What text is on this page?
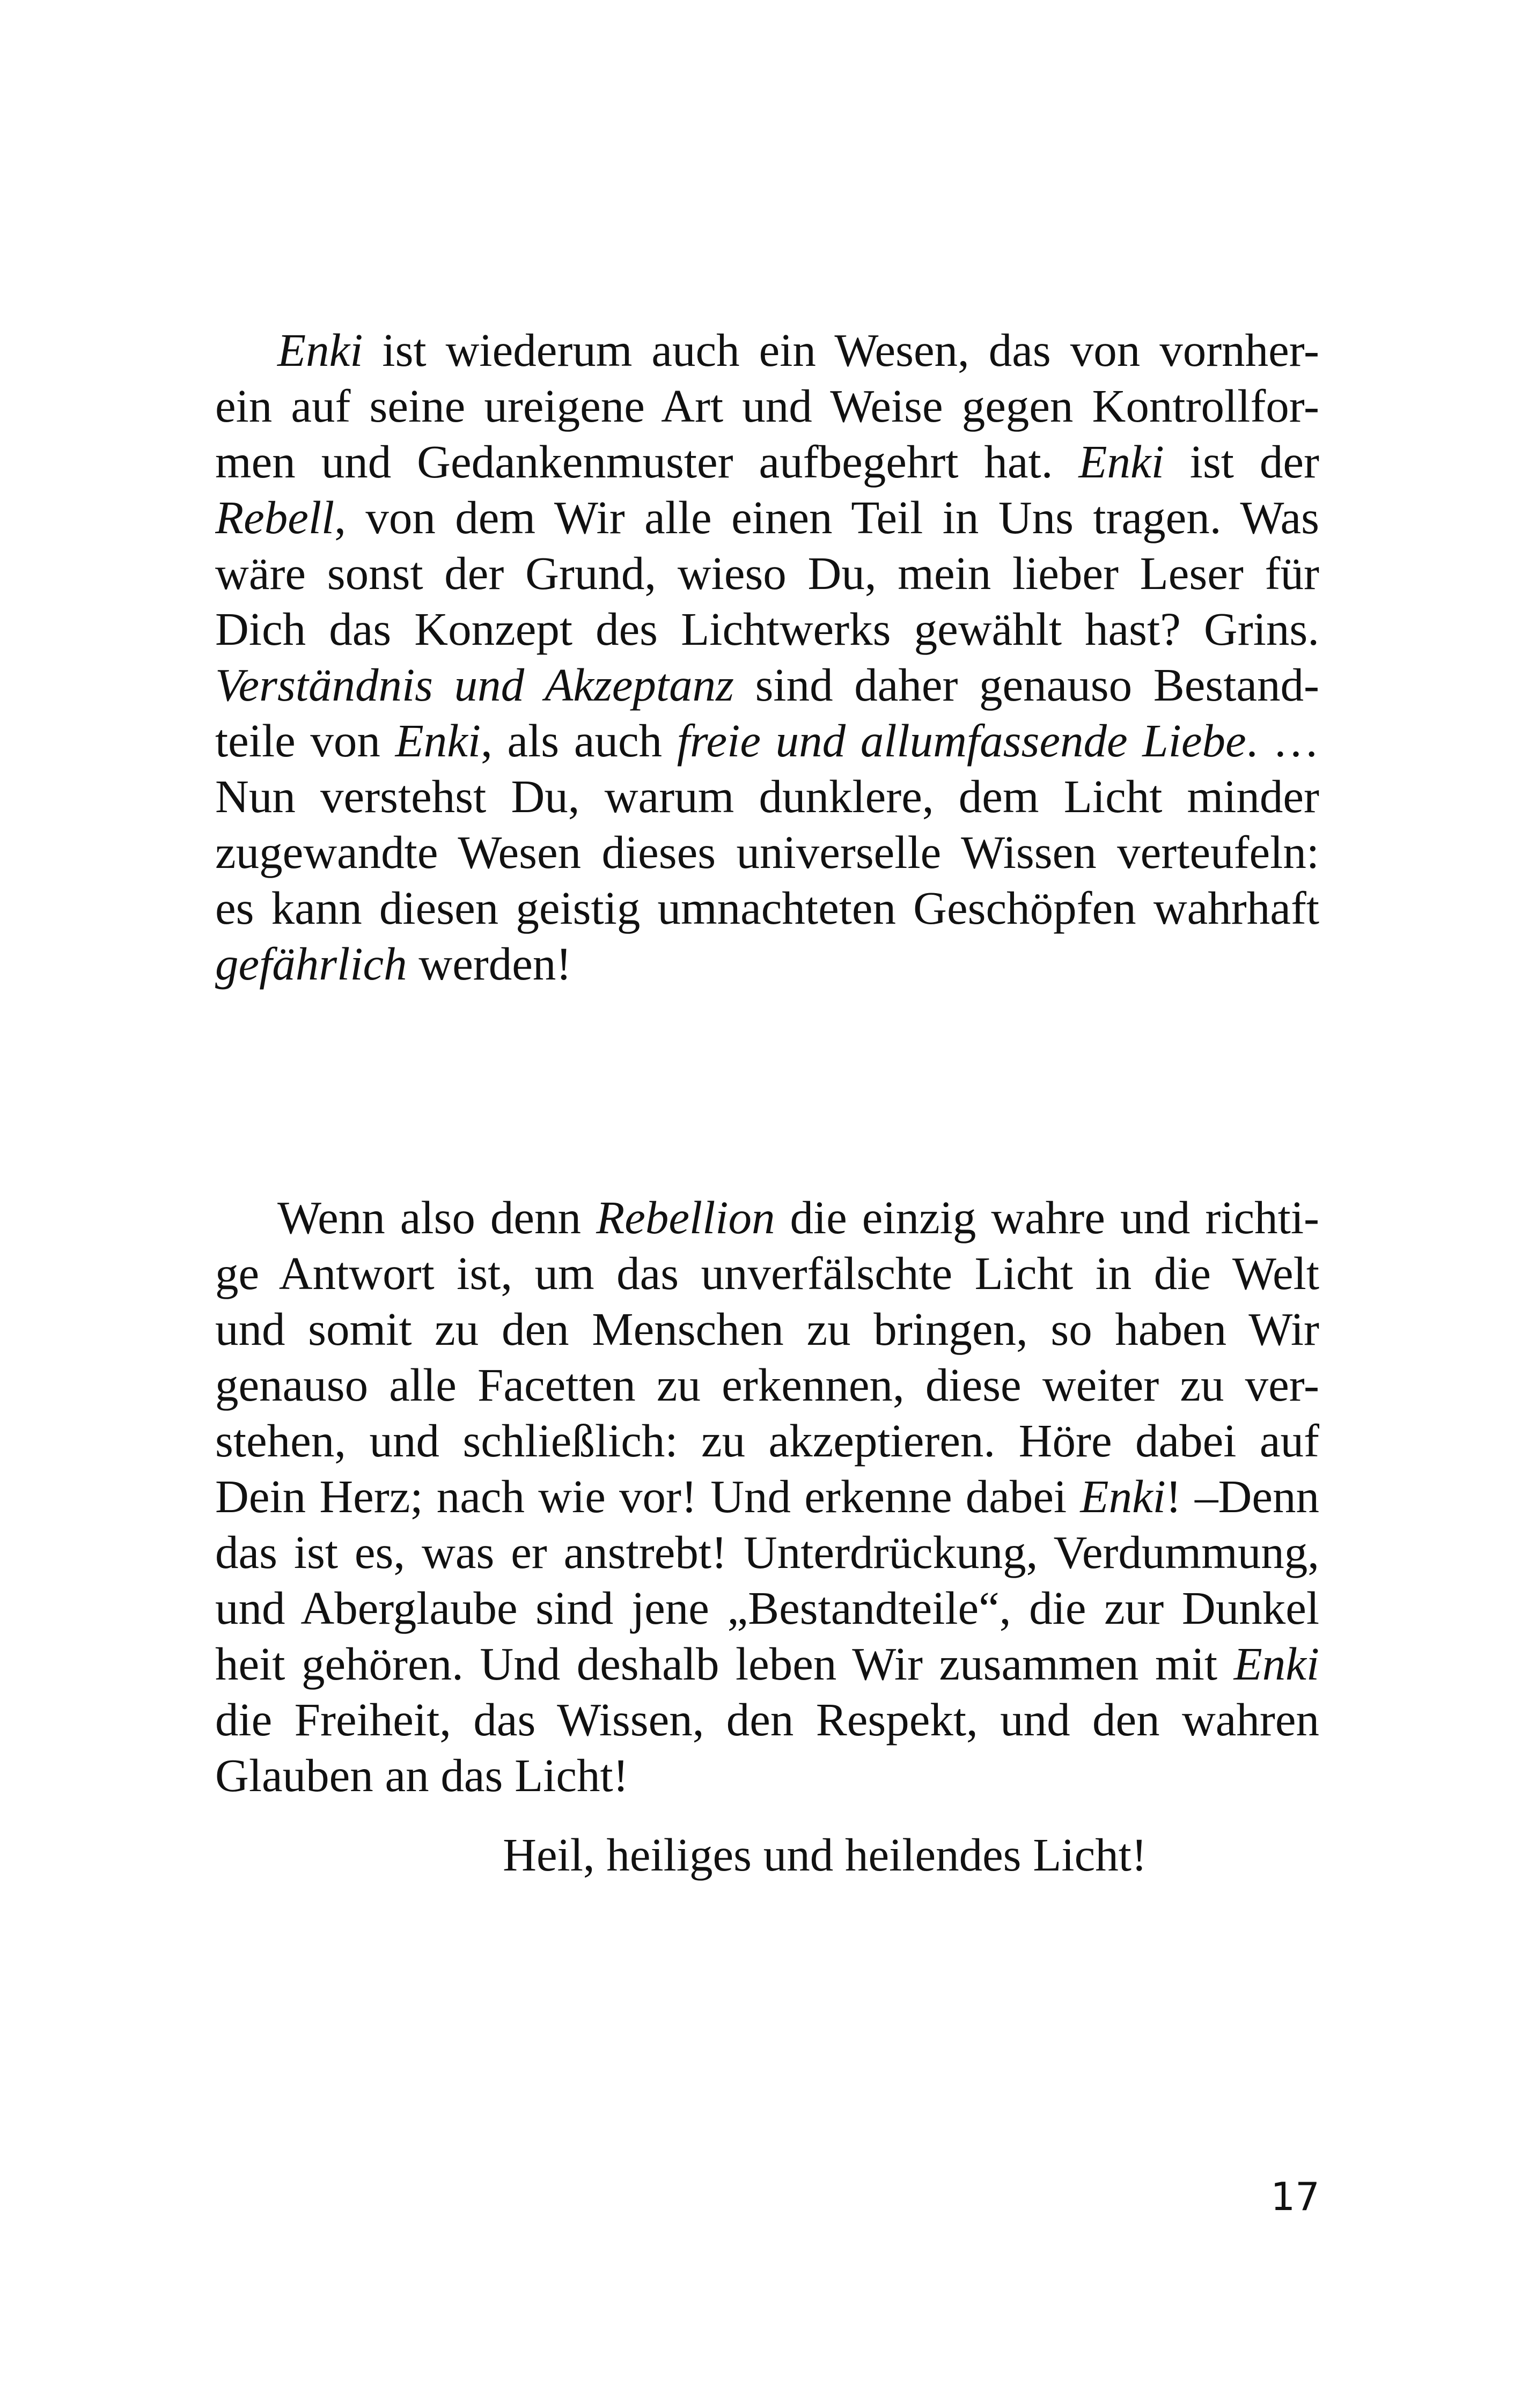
Enki ist wiederum auch ein Wesen, das von vornher-
ein auf seine ureigene Art und Weise gegen Kontrollfor-
men und Gedankenmuster aufbegehrt hat. Enki ist der
Rebell, von dem Wir alle einen Teil in Uns tragen. Was
wäre sonst der Grund, wieso Du, mein lieber Leser für
Dich das Konzept des Lichtwerks gewählt hast? Grins.
Verständnis und Akzeptanz sind daher genauso Bestand-
teile von Enki, als auch freie und allumfassende Liebe. …
Nun verstehst Du, warum dunklere, dem Licht minder
zugewandte Wesen dieses universelle Wissen verteufeln:
es kann diesen geistig umnachteten Geschöpfen wahrhaft
gefährlich werden!
Wenn also denn Rebellion die einzig wahre und richti-
ge Antwort ist, um das unverfälschte Licht in die Welt
und somit zu den Menschen zu bringen, so haben Wir
genauso alle Facetten zu erkennen, diese weiter zu ver-
stehen, und schließlich: zu akzeptieren. Höre dabei auf
Dein Herz; nach wie vor! Und erkenne dabei Enki! –Denn
das ist es, was er anstrebt! Unterdrückung, Verdummung,
und Aberglaube sind jene „Bestandteile“, die zur Dunkel
heit gehören. Und deshalb leben Wir zusammen mit Enki
die Freiheit, das Wissen, den Respekt, und den wahren
Glauben an das Licht!
Heil, heiliges und heilendes Licht!
17
